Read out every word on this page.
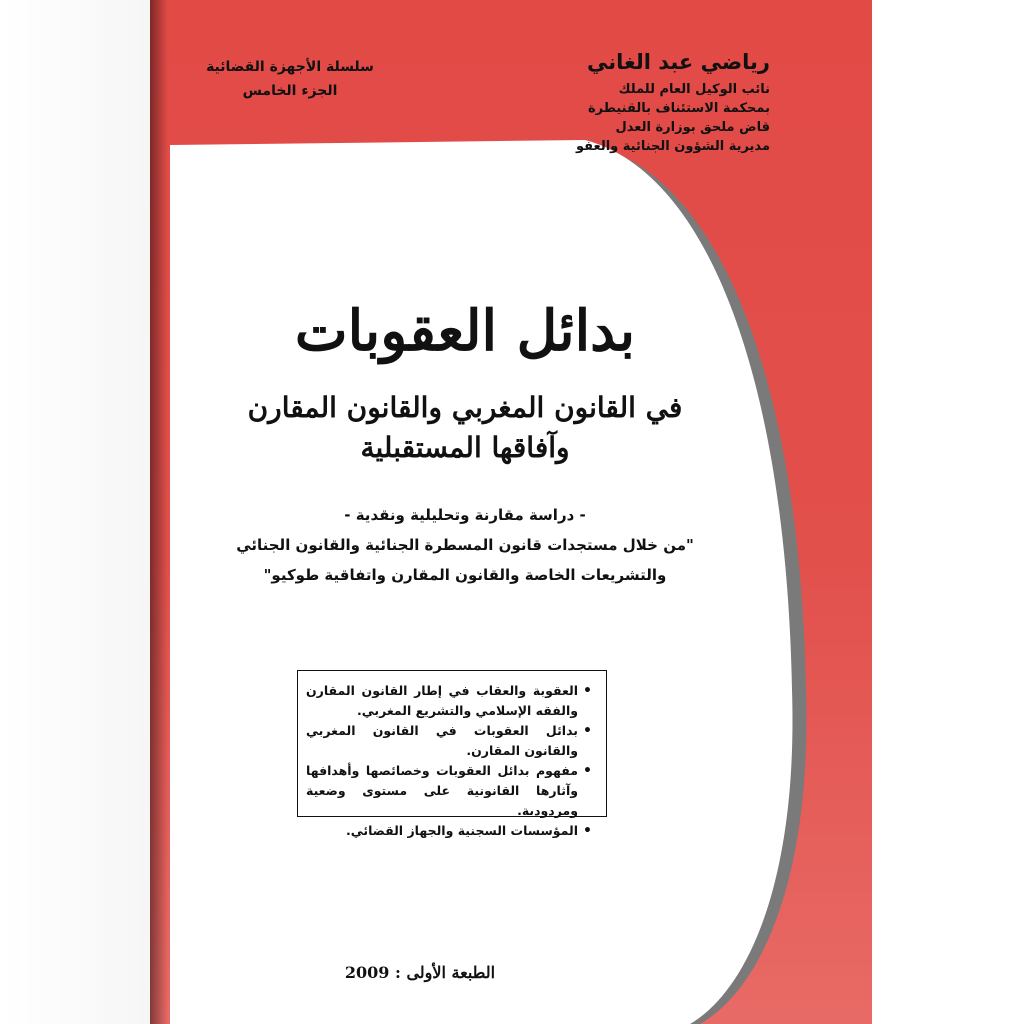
رياضي عبد الغاني
نائب الوكيل العام للملك
بمحكمة الاستئناف بالقنيطرة
قاض ملحق بوزارة العدل
مديرية الشؤون الجنائية والعفو
سلسلة الأجهزة القضائية
الجزء الخامس
بدائل العقوبات
في القانون المغربي والقانون المقارن
وآفاقها المستقبلية
- دراسة مقارنة وتحليلية ونقدية -
"من خلال مستجدات قانون المسطرة الجنائية والقانون الجنائي
والتشريعات الخاصة والقانون المقارن واتفاقية طوكيو"
• العقوبة والعقاب في إطار القانون المقارن والفقه الإسلامي والتشريع المغربي.
• بدائل العقوبات في القانون المغربي والقانون المقارن.
• مفهوم بدائل العقوبات وخصائصها وأهدافها وآثارها القانونية على مستوى وضعية ومردودية.
• المؤسسات السجنية والجهاز القضائي.
الطبعة الأولى : 2009
